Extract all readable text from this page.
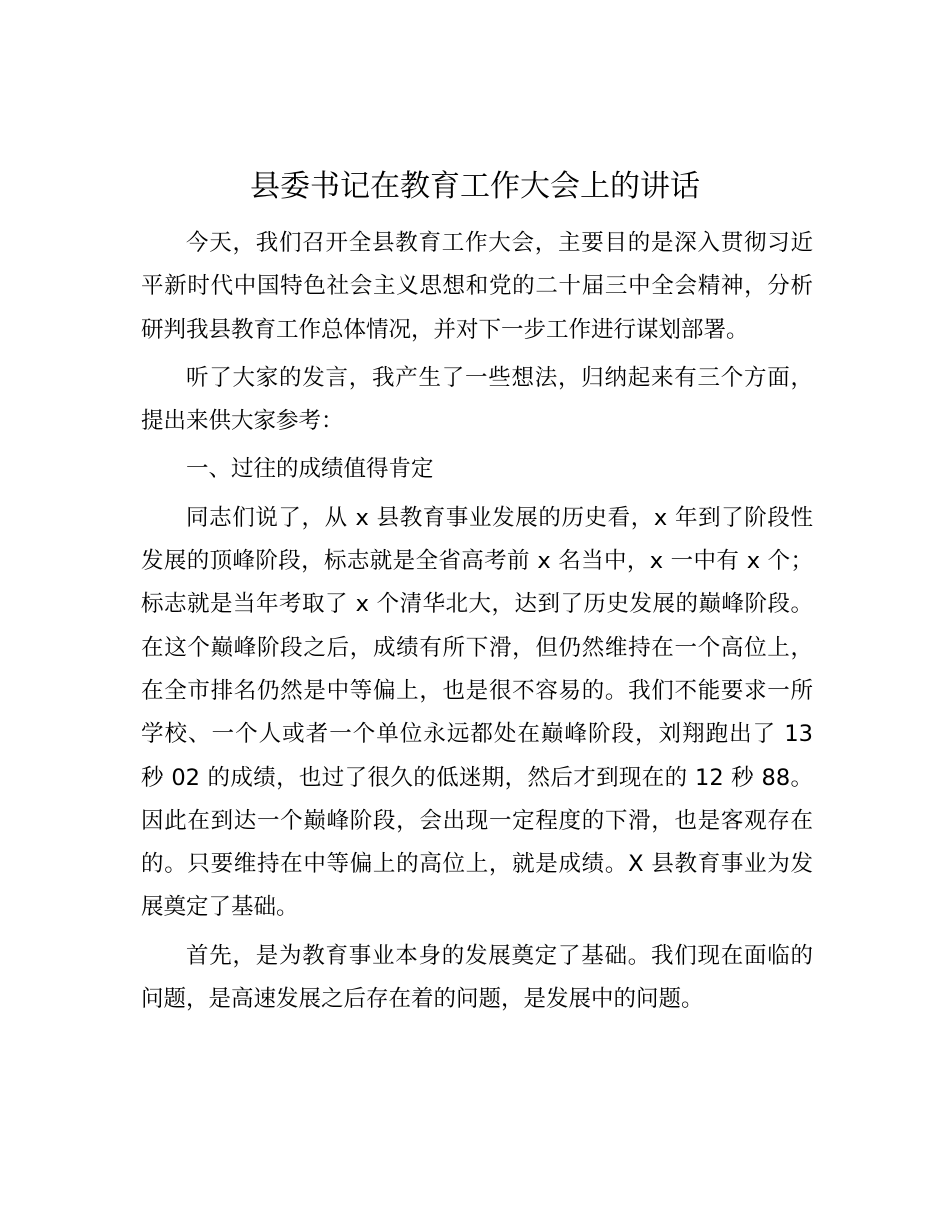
县委书记在教育工作大会上的讲话

今天，我们召开全县教育工作大会，主要目的是深入贯彻习近平新时代中国特色社会主义思想和党的二十届三中全会精神，分析研判我县教育工作总体情况，并对下一步工作进行谋划部署。

听了大家的发言，我产生了一些想法，归纳起来有三个方面，提出来供大家参考：

一、过往的成绩值得肯定

同志们说了，从 x 县教育事业发展的历史看，x 年到了阶段性发展的顶峰阶段，标志就是全省高考前 x 名当中，x 一中有 x 个；标志就是当年考取了 x 个清华北大，达到了历史发展的巅峰阶段。在这个巅峰阶段之后，成绩有所下滑，但仍然维持在一个高位上，在全市排名仍然是中等偏上，也是很不容易的。我们不能要求一所学校、一个人或者一个单位永远都处在巅峰阶段，刘翔跑出了 13 秒 02 的成绩，也过了很久的低迷期，然后才到现在的 12 秒 88。因此在到达一个巅峰阶段，会出现一定程度的下滑，也是客观存在的。只要维持在中等偏上的高位上，就是成绩。X 县教育事业为发展奠定了基础。

首先，是为教育事业本身的发展奠定了基础。我们现在面临的问题，是高速发展之后存在着的问题，是发展中的问题。
